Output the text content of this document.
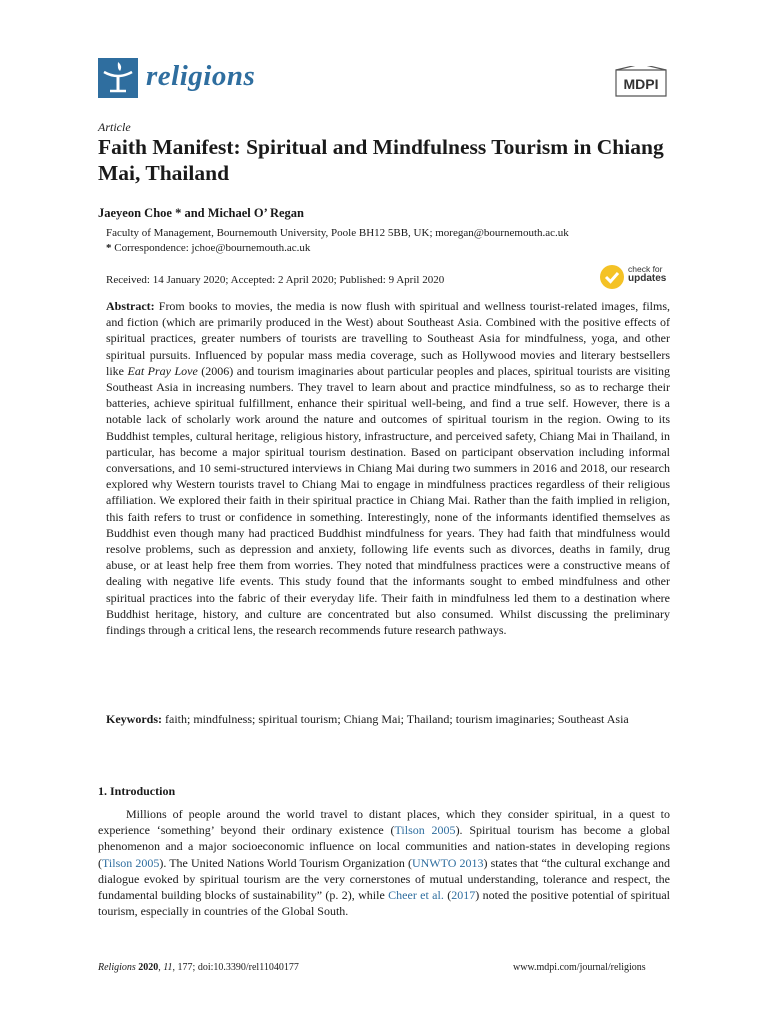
religions	MDPI
Article
Faith Manifest: Spiritual and Mindfulness Tourism in Chiang Mai, Thailand
Jaeyeon Choe * and Michael O’ Regan
Faculty of Management, Bournemouth University, Poole BH12 5BB, UK; moregan@bournemouth.ac.uk
* Correspondence: jchoe@bournemouth.ac.uk
Received: 14 January 2020; Accepted: 2 April 2020; Published: 9 April 2020
check for
updates

Abstract: From books to movies, the media is now flush with spiritual and wellness tourist-related images, films, and fiction (which are primarily produced in the West) about Southeast Asia. Combined with the positive effects of spiritual practices, greater numbers of tourists are travelling to Southeast Asia for mindfulness, yoga, and other spiritual pursuits. Influenced by popular mass media coverage, such as Hollywood movies and literary bestsellers like Eat Pray Love (2006) and tourism imaginaries about particular peoples and places, spiritual tourists are visiting Southeast Asia in increasing numbers. They travel to learn about and practice mindfulness, so as to recharge their batteries, achieve spiritual fulfillment, enhance their spiritual well-being, and find a true self. However, there is a notable lack of scholarly work around the nature and outcomes of spiritual tourism in the region. Owing to its Buddhist temples, cultural heritage, religious history, infrastructure, and perceived safety, Chiang Mai in Thailand, in particular, has become a major spiritual tourism destination. Based on participant observation including informal conversations, and 10 semi-structured interviews in Chiang Mai during two summers in 2016 and 2018, our research explored why Western tourists travel to Chiang Mai to engage in mindfulness practices regardless of their religious affiliation. We explored their faith in their spiritual practice in Chiang Mai. Rather than the faith implied in religion, this faith refers to trust or confidence in something. Interestingly, none of the informants identified themselves as Buddhist even though many had practiced Buddhist mindfulness for years. They had faith that mindfulness would resolve problems, such as depression and anxiety, following life events such as divorces, deaths in family, drug abuse, or at least help free them from worries. They noted that mindfulness practices were a constructive means of dealing with negative life events. This study found that the informants sought to embed mindfulness and other spiritual practices into the fabric of their everyday life. Their faith in mindfulness led them to a destination where Buddhist heritage, history, and culture are concentrated but also consumed. Whilst discussing the preliminary findings through a critical lens, the research recommends future research pathways.

Keywords: faith; mindfulness; spiritual tourism; Chiang Mai; Thailand; tourism imaginaries; Southeast Asia

1. Introduction

Millions of people around the world travel to distant places, which they consider spiritual, in a quest to experience ‘something’ beyond their ordinary existence (Tilson 2005). Spiritual tourism has become a global phenomenon and a major socioeconomic influence on local communities and nation-states in developing regions (Tilson 2005). The United Nations World Tourism Organization (UNWTO 2013) states that “the cultural exchange and dialogue evoked by spiritual tourism are the very cornerstones of mutual understanding, tolerance and respect, the fundamental building blocks of sustainability” (p. 2), while Cheer et al. (2017) noted the positive potential of spiritual tourism, especially in countries of the Global South.

Religions 2020, 11, 177; doi:10.3390/rel11040177	www.mdpi.com/journal/religions
